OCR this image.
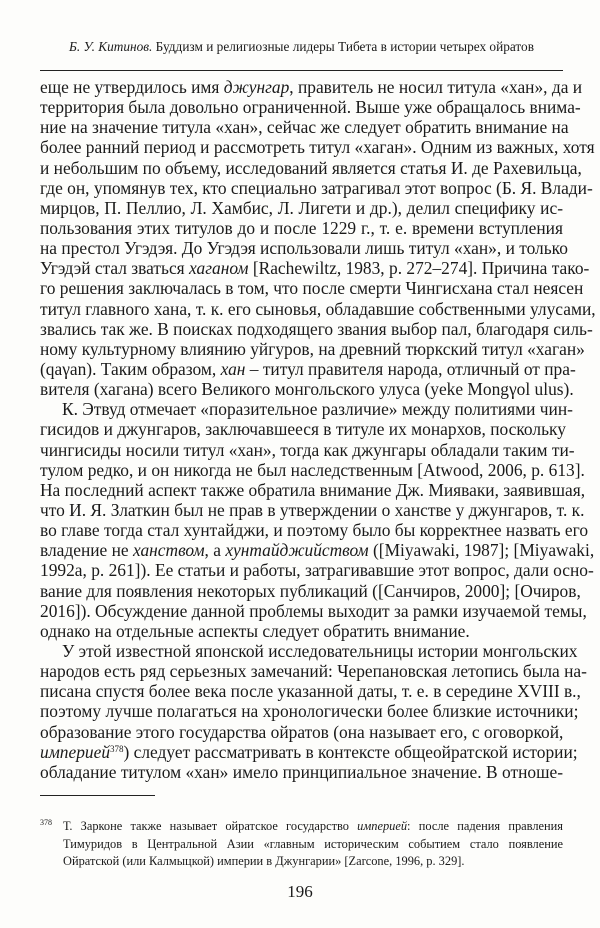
Б. У. Китинов. Буддизм и религиозные лидеры Тибета в истории четырех ойратов
еще не утвердилось имя джунгар, правитель не носил титула «хан», да и
территория была довольно ограниченной. Выше уже обращалось внима-
ние на значение титула «хан», сейчас же следует обратить внимание на
более ранний период и рассмотреть титул «хаган». Одним из важных, хотя
и небольшим по объему, исследований является статья И. де Рахевильца,
где он, упомянув тех, кто специально затрагивал этот вопрос (Б. Я. Влади-
мирцов, П. Пеллио, Л. Хамбис, Л. Лигети и др.), делил специфику ис-
пользования этих титулов до и после 1229 г., т. е. времени вступления
на престол Угэдэя. До Угэдэя использовали лишь титул «хан», и только
Угэдэй стал зваться хаганом [Rachewiltz, 1983, p. 272–274]. Причина тако-
го решения заключалась в том, что после смерти Чингисхана стал неясен
титул главного хана, т. к. его сыновья, обладавшие собственными улусами,
звались так же. В поисках подходящего звания выбор пал, благодаря силь-
ному культурному влиянию уйгуров, на древний тюркский титул «хаган»
(qaγan). Таким образом, хан – титул правителя народа, отличный от пра-
вителя (хагана) всего Великого монгольского улуса (yeke Mongγol ulus).
К. Этвуд отмечает «поразительное различие» между политиями чин-
гисидов и джунгаров, заключавшееся в титуле их монархов, поскольку
чингисиды носили титул «хан», тогда как джунгары обладали таким ти-
тулом редко, и он никогда не был наследственным [Atwood, 2006, p. 613].
На последний аспект также обратила внимание Дж. Мияваки, заявившая,
что И. Я. Златкин был не прав в утверждении о ханстве у джунгаров, т. к.
во главе тогда стал хунтайджи, и поэтому было бы корректнее назвать его
владение не ханством, а хунтайджийством ([Miyawaki, 1987]; [Miyawaki,
1992a, p. 261]). Ее статьи и работы, затрагивавшие этот вопрос, дали осно-
вание для появления некоторых публикаций ([Санчиров, 2000]; [Очиров,
2016]). Обсуждение данной проблемы выходит за рамки изучаемой темы,
однако на отдельные аспекты следует обратить внимание.
У этой известной японской исследовательницы истории монгольских
народов есть ряд серьезных замечаний: Черепановская летопись была на-
писана спустя более века после указанной даты, т. е. в середине XVIII в.,
поэтому лучше полагаться на хронологически более близкие источники;
образование этого государства ойратов (она называет его, с оговоркой,
империей$^{378}$) следует рассматривать в контексте общеойратской истории;
обладание титулом «хан» имело принципиальное значение. В отноше-
378 Т. Зарконе также называет ойратское государство империей: после падения правления Тимуридов в Центральной Азии «главным историческим событием стало появление Ойратской (или Калмыцкой) империи в Джунгарии» [Zarcone, 1996, p. 329].
196
